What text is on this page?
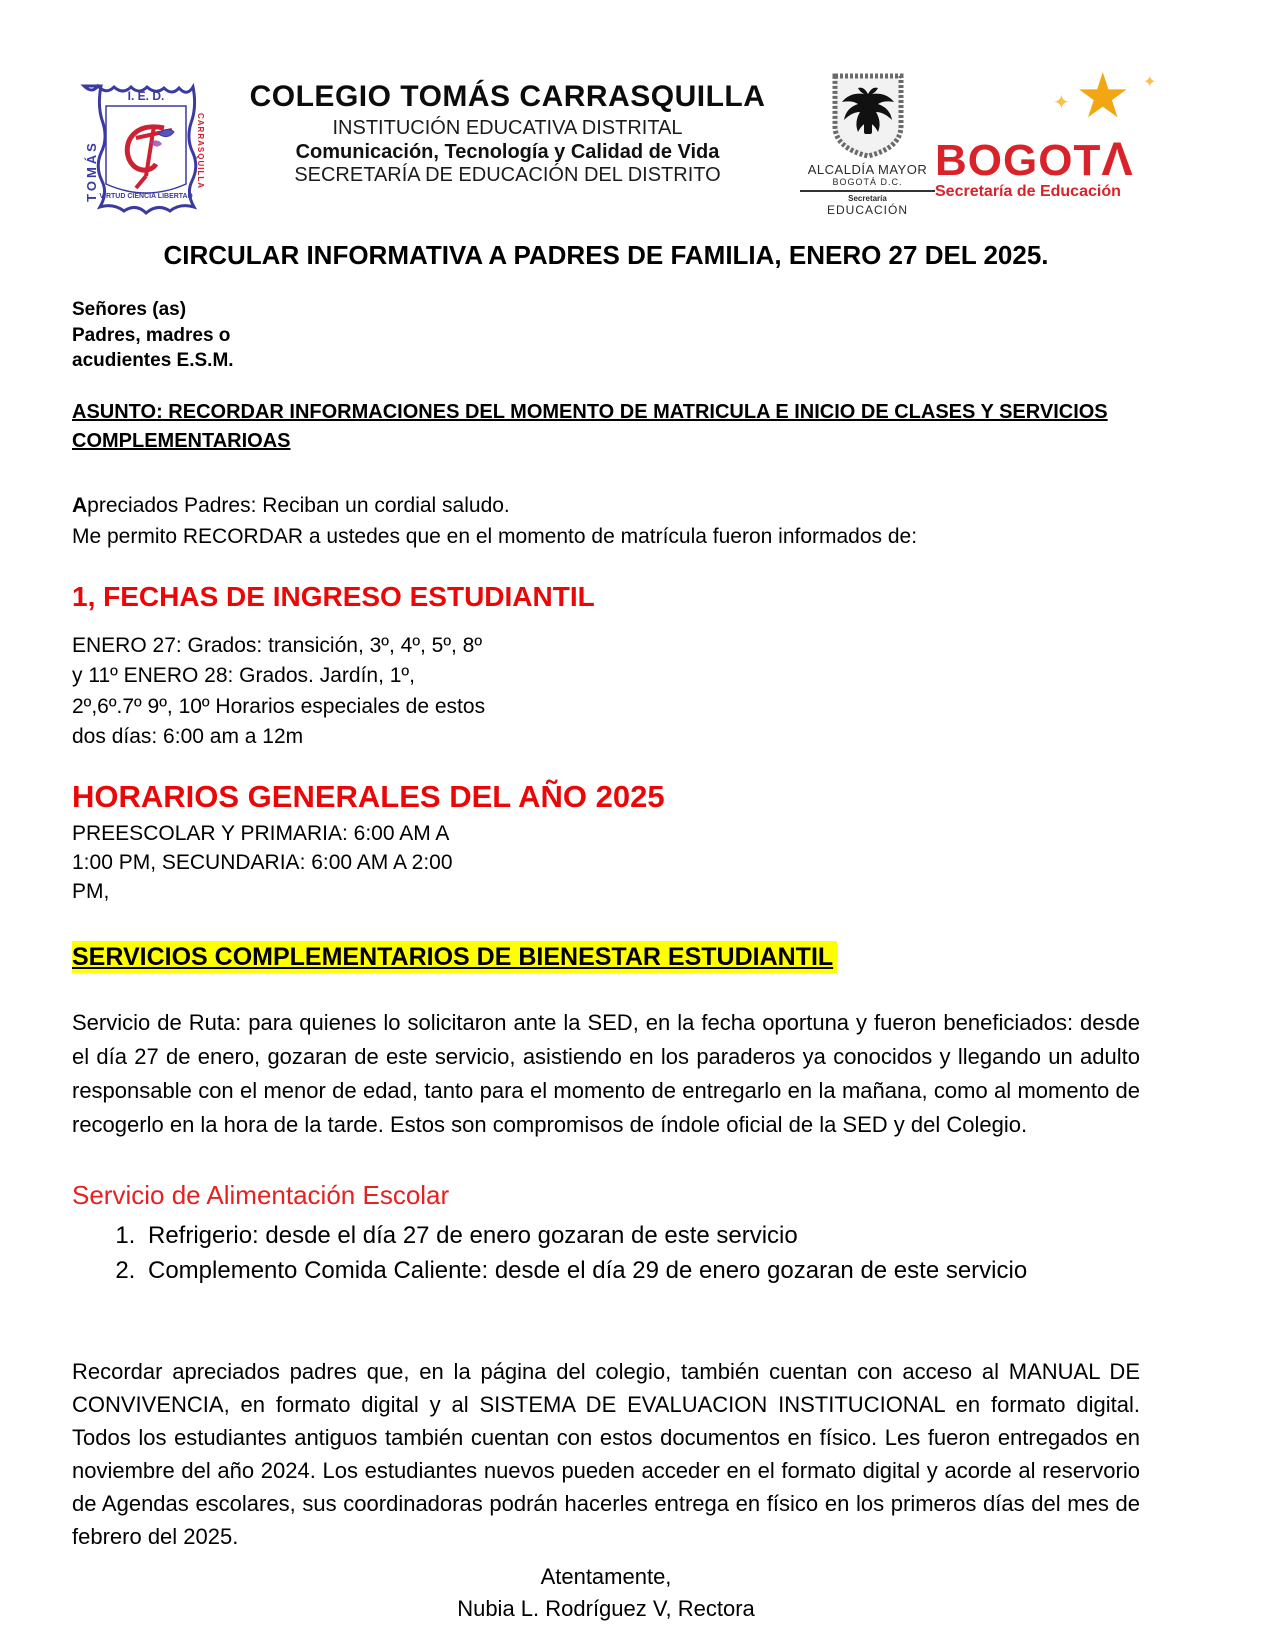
I. E. D.
TOMÁS	CARRASQUILLA
VIRTUD CIENCIA LIBERTAD
COLEGIO TOMÁS CARRASQUILLA
INSTITUCIÓN EDUCATIVA DISTRITAL
Comunicación, Tecnología y Calidad de Vida
SECRETARÍA DE EDUCACIÓN DEL DISTRITO	ALCALDÍA MAYOR
BOGOTÁ D.C.
Secretaría
EDUCACIÓN
✦ ★ ✦
BOGOTΛ
Secretaría de Educación
CIRCULAR INFORMATIVA A PADRES DE FAMILIA, ENERO 27 DEL 2025.
Señores (as)
Padres, madres o
acudientes E.S.M.
ASUNTO: RECORDAR INFORMACIONES DEL MOMENTO DE MATRICULA E INICIO DE CLASES Y SERVICIOS COMPLEMENTARIOAS
Apreciados Padres: Reciban un cordial saludo.
Me permito RECORDAR a ustedes que en el momento de matrícula fueron informados de:
1, FECHAS DE INGRESO ESTUDIANTIL
ENERO 27: Grados: transición, 3º, 4º, 5º, 8º
y 11º ENERO 28: Grados. Jardín, 1º,
2º,6º.7º 9º, 10º Horarios especiales de estos
dos días: 6:00 am a 12m
HORARIOS GENERALES DEL AÑO 2025
PREESCOLAR Y PRIMARIA: 6:00 AM A
1:00 PM, SECUNDARIA: 6:00 AM A 2:00
PM,
SERVICIOS COMPLEMENTARIOS DE BIENESTAR ESTUDIANTIL
Servicio de Ruta: para quienes lo solicitaron ante la SED, en la fecha oportuna y fueron beneficiados: desde el día 27 de enero, gozaran de este servicio, asistiendo en los paraderos ya conocidos y llegando un adulto responsable con el menor de edad, tanto para el momento de entregarlo en la mañana, como al momento de recogerlo en la hora de la tarde. Estos son compromisos de índole oficial de la SED y del Colegio.
Servicio de Alimentación Escolar
1. Refrigerio: desde el día 27 de enero gozaran de este servicio
2. Complemento Comida Caliente: desde el día 29 de enero gozaran de este servicio
Recordar apreciados padres que, en la página del colegio, también cuentan con acceso al MANUAL DE CONVIVENCIA, en formato digital y al SISTEMA DE EVALUACION INSTITUCIONAL en formato digital. Todos los estudiantes antiguos también cuentan con estos documentos en físico. Les fueron entregados en noviembre del año 2024. Los estudiantes nuevos pueden acceder en el formato digital y acorde al reservorio de Agendas escolares, sus coordinadoras podrán hacerles entrega en físico en los primeros días del mes de febrero del 2025.
Atentamente,
Nubia L. Rodríguez V, Rectora
